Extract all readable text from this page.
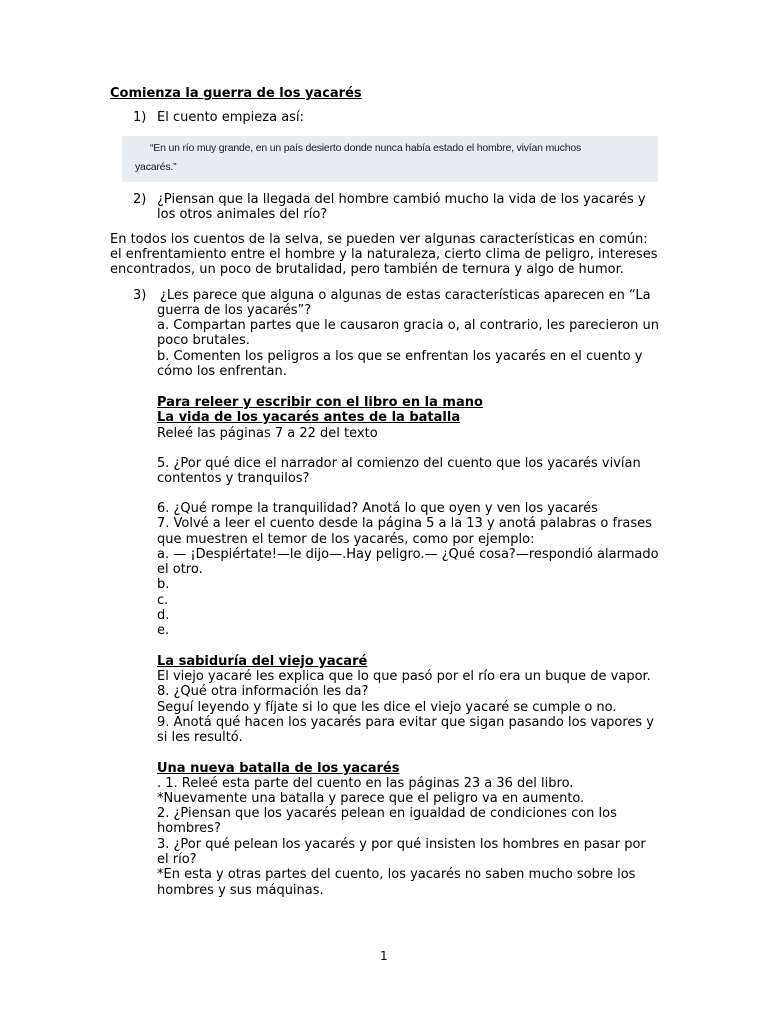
Comienza la guerra de los yacarés
1) El cuento empieza así:
“En un río muy grande, en un país desierto donde nunca había estado el hombre, vivían muchos
yacarés.”
2) ¿Piensan que la llegada del hombre cambió mucho la vida de los yacarés y
los otros animales del río?
En todos los cuentos de la selva, se pueden ver algunas características en común:
el enfrentamiento entre el hombre y la naturaleza, cierto clima de peligro, intereses
encontrados, un poco de brutalidad, pero también de ternura y algo de humor.
3) ¿Les parece que alguna o algunas de estas características aparecen en “La
guerra de los yacarés”?
a. Compartan partes que le causaron gracia o, al contrario, les parecieron un
poco brutales.
b. Comenten los peligros a los que se enfrentan los yacarés en el cuento y
cómo los enfrentan.
Para releer y escribir con el libro en la mano
La vida de los yacarés antes de la batalla
Releé las páginas 7 a 22 del texto
5. ¿Por qué dice el narrador al comienzo del cuento que los yacarés vivían
contentos y tranquilos?
6. ¿Qué rompe la tranquilidad? Anotá lo que oyen y ven los yacarés
7. Volvé a leer el cuento desde la página 5 a la 13 y anotá palabras o frases
que muestren el temor de los yacarés, como por ejemplo:
a. — ¡Despiértate!—le dijo—.Hay peligro.— ¿Qué cosa?—respondió alarmado
el otro.
b.
c.
d.
e.
La sabiduría del viejo yacaré
El viejo yacaré les explica que lo que pasó por el río era un buque de vapor.
8. ¿Qué otra información les da?
Seguí leyendo y fíjate si lo que les dice el viejo yacaré se cumple o no.
9. Anotá qué hacen los yacarés para evitar que sigan pasando los vapores y
si les resultó.
Una nueva batalla de los yacarés
. 1. Releé esta parte del cuento en las páginas 23 a 36 del libro.
*Nuevamente una batalla y parece que el peligro va en aumento.
2. ¿Piensan que los yacarés pelean en igualdad de condiciones con los
hombres?
3. ¿Por qué pelean los yacarés y por qué insisten los hombres en pasar por
el río?
*En esta y otras partes del cuento, los yacarés no saben mucho sobre los
hombres y sus máquinas.
1
